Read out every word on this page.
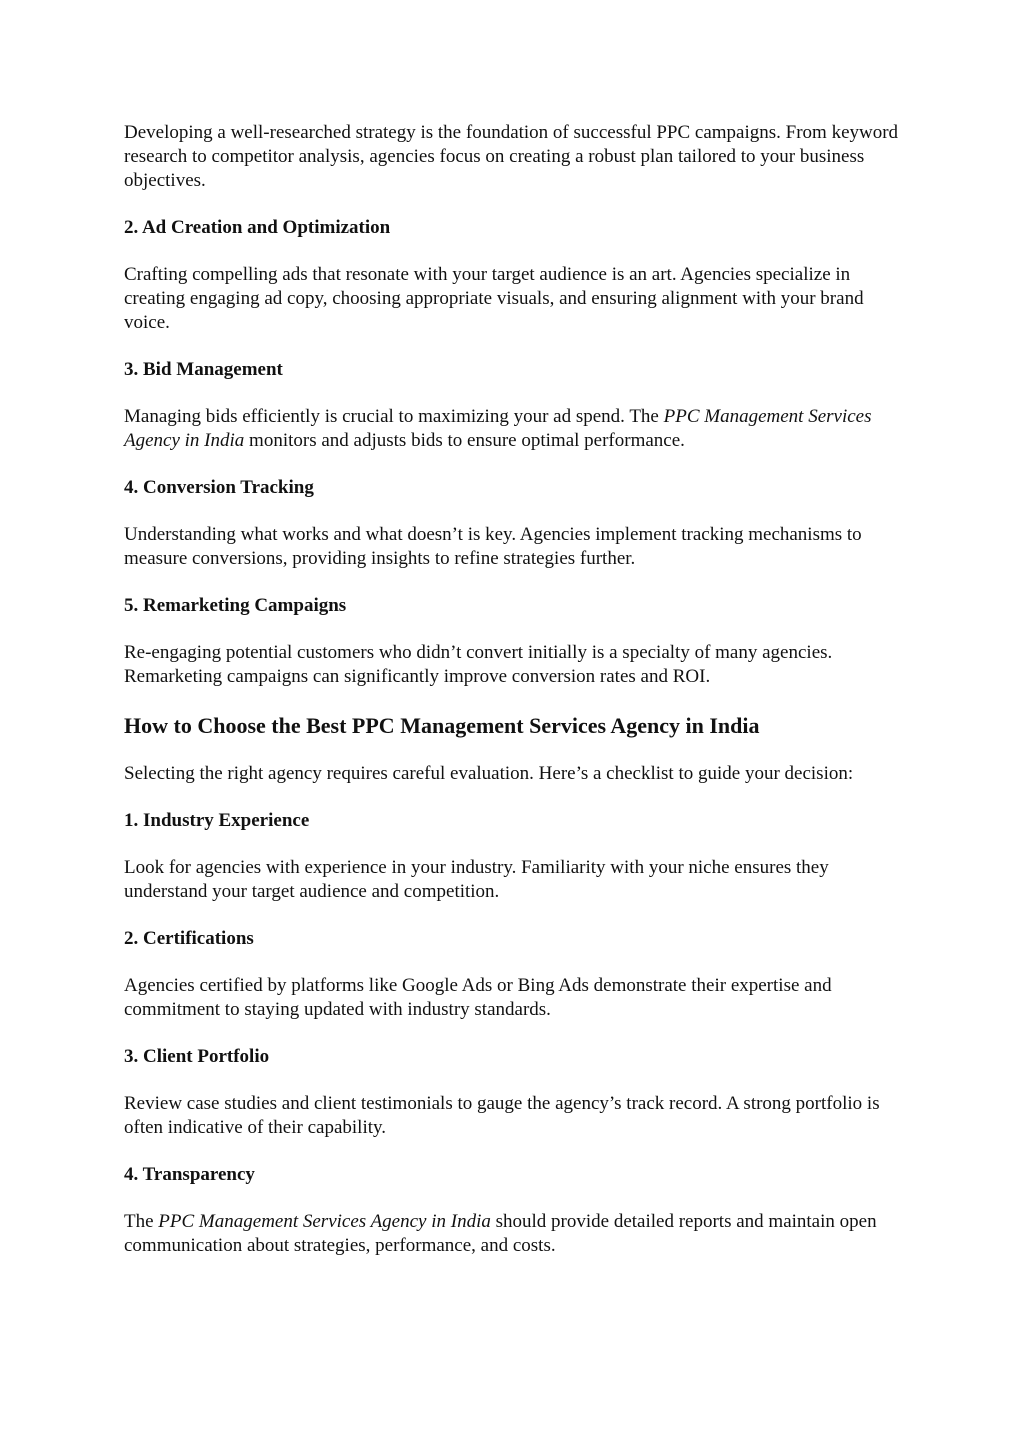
Developing a well-researched strategy is the foundation of successful PPC campaigns. From keyword research to competitor analysis, agencies focus on creating a robust plan tailored to your business objectives.

2. Ad Creation and Optimization

Crafting compelling ads that resonate with your target audience is an art. Agencies specialize in creating engaging ad copy, choosing appropriate visuals, and ensuring alignment with your brand voice.

3. Bid Management

Managing bids efficiently is crucial to maximizing your ad spend. The PPC Management Services Agency in India monitors and adjusts bids to ensure optimal performance.

4. Conversion Tracking

Understanding what works and what doesn’t is key. Agencies implement tracking mechanisms to measure conversions, providing insights to refine strategies further.

5. Remarketing Campaigns

Re-engaging potential customers who didn’t convert initially is a specialty of many agencies. Remarketing campaigns can significantly improve conversion rates and ROI.

How to Choose the Best PPC Management Services Agency in India

Selecting the right agency requires careful evaluation. Here’s a checklist to guide your decision:

1. Industry Experience

Look for agencies with experience in your industry. Familiarity with your niche ensures they understand your target audience and competition.

2. Certifications

Agencies certified by platforms like Google Ads or Bing Ads demonstrate their expertise and commitment to staying updated with industry standards.

3. Client Portfolio

Review case studies and client testimonials to gauge the agency’s track record. A strong portfolio is often indicative of their capability.

4. Transparency

The PPC Management Services Agency in India should provide detailed reports and maintain open communication about strategies, performance, and costs.
